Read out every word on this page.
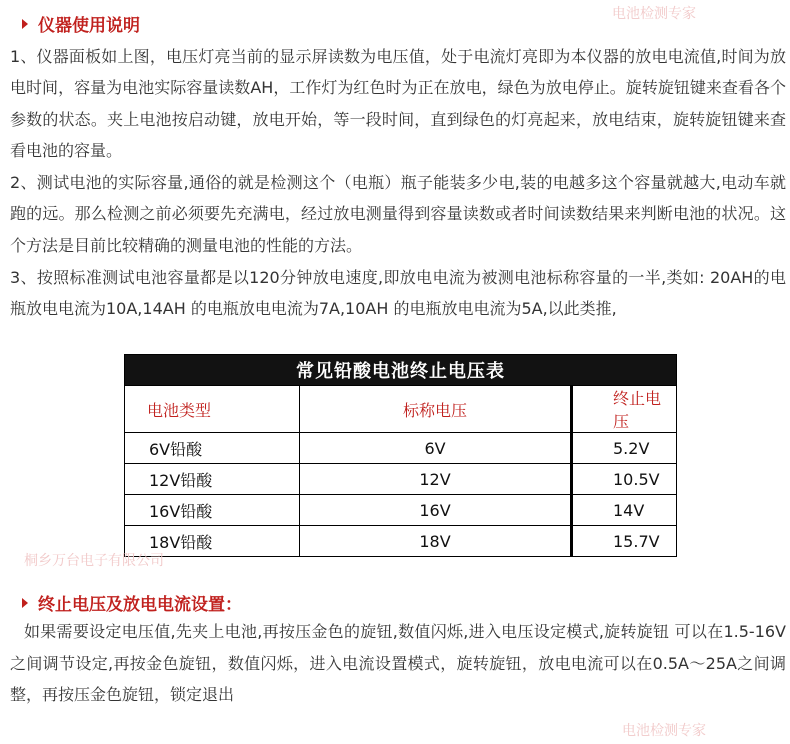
电池检测专家
仪器使用说明

1、仪器面板如上图，电压灯亮当前的显示屏读数为电压值，处于电流灯亮即为本仪器的放电电流值,时间为放电时间，容量为电池实际容量读数AH，工作灯为红色时为正在放电，绿色为放电停止。旋转旋钮键来查看各个参数的状态。夹上电池按启动键，放电开始，等一段时间，直到绿色的灯亮起来，放电结束，旋转旋钮键来查看电池的容量。

2、测试电池的实际容量,通俗的就是检测这个（电瓶）瓶子能装多少电,装的电越多这个容量就越大,电动车就跑的远。那么检测之前必须要先充满电，经过放电测量得到容量读数或者时间读数结果来判断电池的状况。这个方法是目前比较精确的测量电池的性能的方法。

3、按照标准测试电池容量都是以120分钟放电速度,即放电电流为被测电池标称容量的一半,类如: 20AH的电瓶放电电流为10A,14AH 的电瓶放电电流为7A,10AH 的电瓶放电电流为5A,以此类推,

常见铅酸电池终止电压表		
电池类型	标称电压	终止电压
6V铅酸	6V	5.2V
12V铅酸	12V	10.5V
16V铅酸	16V	14V
18V铅酸	18V	15.7V
桐乡万台电子有限公司
终止电压及放电电流设置：

如果需要设定电压值,先夹上电池,再按压金色的旋钮,数值闪烁,进入电压设定模式,旋转旋钮 可以在1.5-16V之间调节设定,再按金色旋钮，数值闪烁，进入电流设置模式，旋转旋钮，放电电流可以在0.5A～25A之间调整，再按压金色旋钮，锁定退出

电池检测专家
